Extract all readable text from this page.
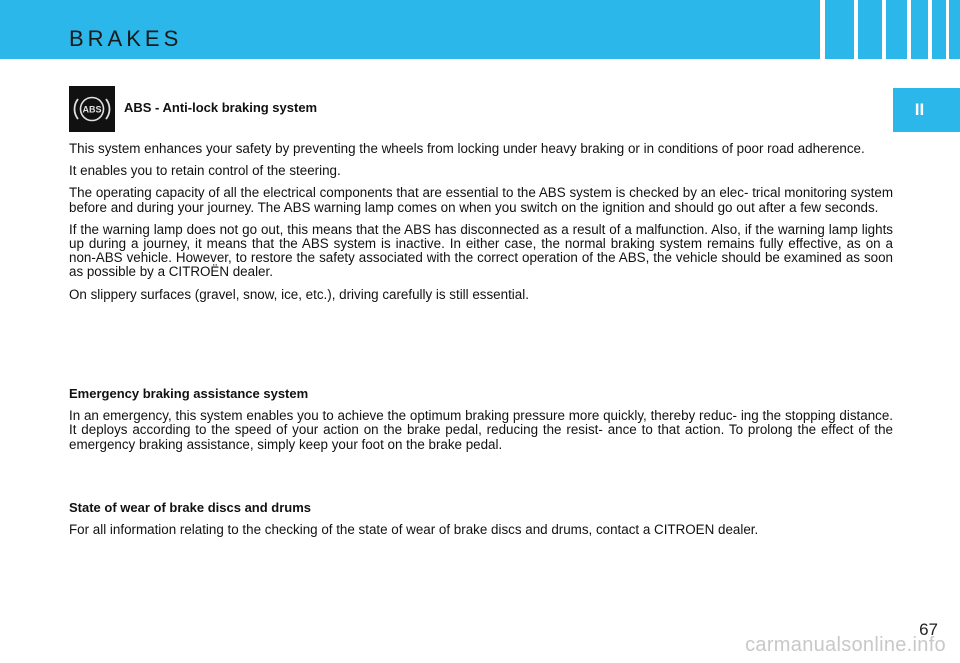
BRAKES
II
ABS ABS - Anti-lock braking system

This system enhances your safety by preventing the wheels from locking under heavy braking or in conditions of poor road adherence.

It enables you to retain control of the steering.

The operating capacity of all the electrical components that are essential to the ABS system is checked by an elec- trical monitoring system before and during your journey. The ABS warning lamp comes on when you switch on the ignition and should go out after a few seconds.

If the warning lamp does not go out, this means that the ABS has disconnected as a result of a malfunction. Also, if the warning lamp lights up during a journey, it means that the ABS system is inactive. In either case, the normal braking system remains fully effective, as on a non-ABS vehicle. However, to restore the safety associated with the correct operation of the ABS, the vehicle should be examined as soon as possible by a CITROËN dealer.

On slippery surfaces (gravel, snow, ice, etc.), driving carefully is still essential.

Emergency braking assistance system

In an emergency, this system enables you to achieve the optimum braking pressure more quickly, thereby reduc- ing the stopping distance. It deploys according to the speed of your action on the brake pedal, reducing the resist- ance to that action. To prolong the effect of the emergency braking assistance, simply keep your foot on the brake pedal.

State of wear of brake discs and drums

For all information relating to the checking of the state of wear of brake discs and drums, contact a CITROEN dealer.

67
carmanualsonline.info
